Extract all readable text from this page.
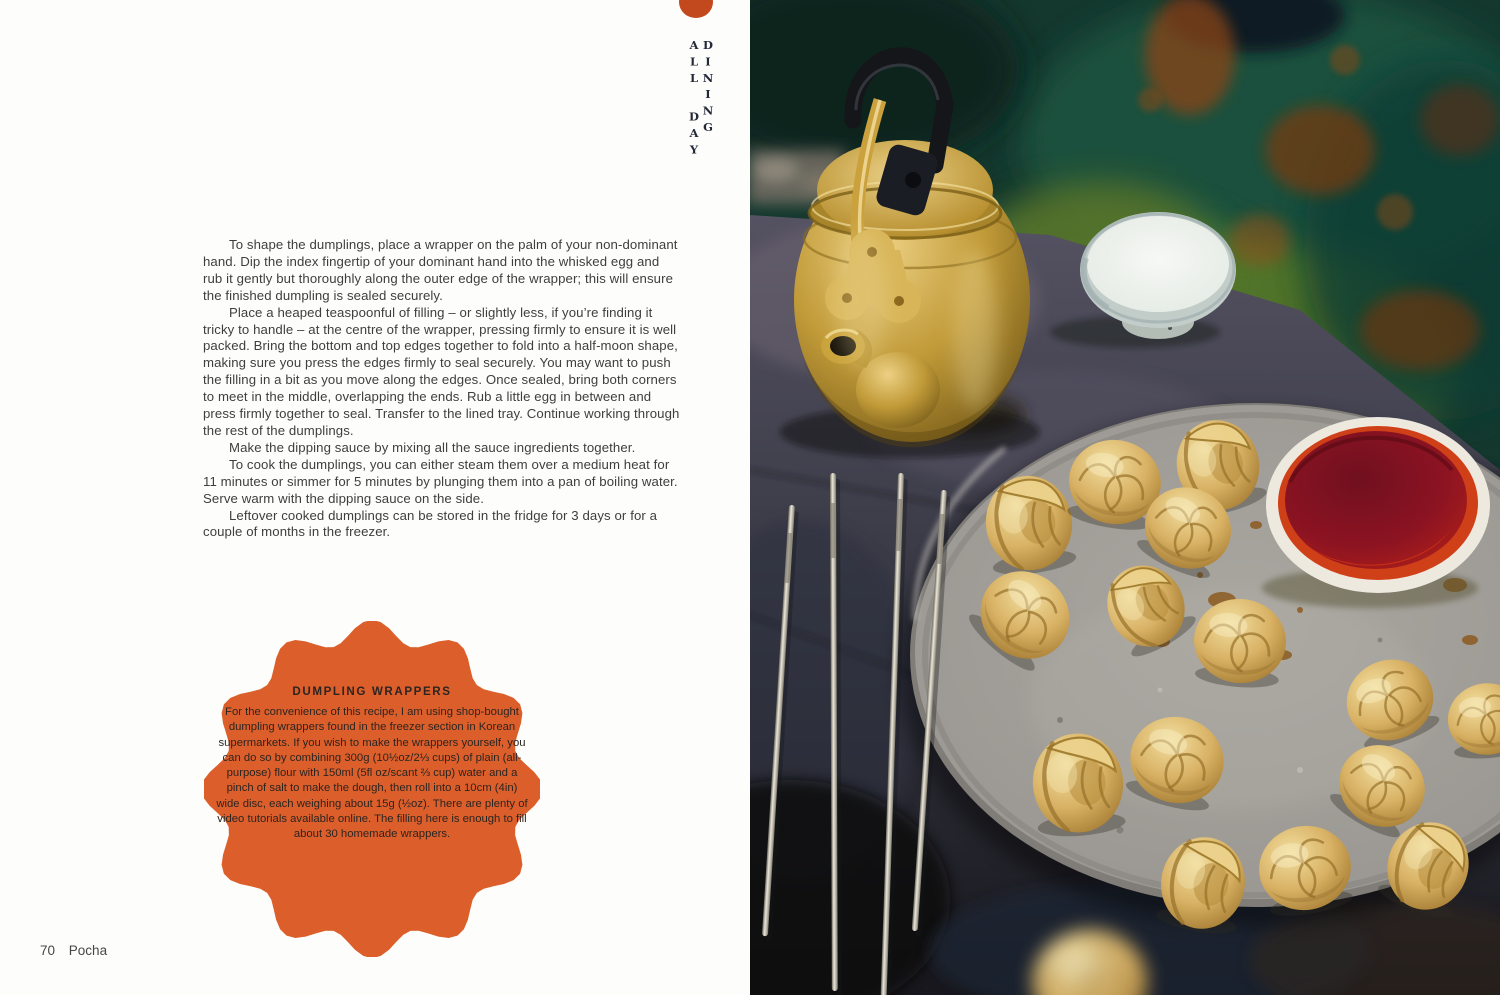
ALL DAY DINING

To shape the dumplings, place a wrapper on the palm of your non-dominant hand. Dip the index fingertip of your dominant hand into the whisked egg and rub it gently but thoroughly along the outer edge of the wrapper; this will ensure the finished dumpling is sealed securely.

Place a heaped teaspoonful of filling – or slightly less, if you’re finding it tricky to handle – at the centre of the wrapper, pressing firmly to ensure it is well packed. Bring the bottom and top edges together to fold into a half-moon shape, making sure you press the edges firmly to seal securely. You may want to push the filling in a bit as you move along the edges. Once sealed, bring both corners to meet in the middle, overlapping the ends. Rub a little egg in between and press firmly together to seal. Transfer to the lined tray. Continue working through the rest of the dumplings.

Make the dipping sauce by mixing all the sauce ingredients together.

To cook the dumplings, you can either steam them over a medium heat for 11 minutes or simmer for 5 minutes by plunging them into a pan of boiling water. Serve warm with the dipping sauce on the side.

Leftover cooked dumplings can be stored in the fridge for 3 days or for a couple of months in the freezer.

DUMPLING WRAPPERS
For the convenience of this recipe, I am using shop-bought dumpling wrappers found in the freezer section in Korean supermarkets. If you wish to make the wrappers yourself, you can do so by combining 300g (10½oz/2⅓ cups) of plain (all-purpose) flour with 150ml (5fl oz/scant ⅔ cup) water and a pinch of salt to make the dough, then roll into a 10cm (4in) wide disc, each weighing about 15g (½oz). There are plenty of video tutorials available online. The filling here is enough to fill about 30 homemade wrappers.
70 Pocha
